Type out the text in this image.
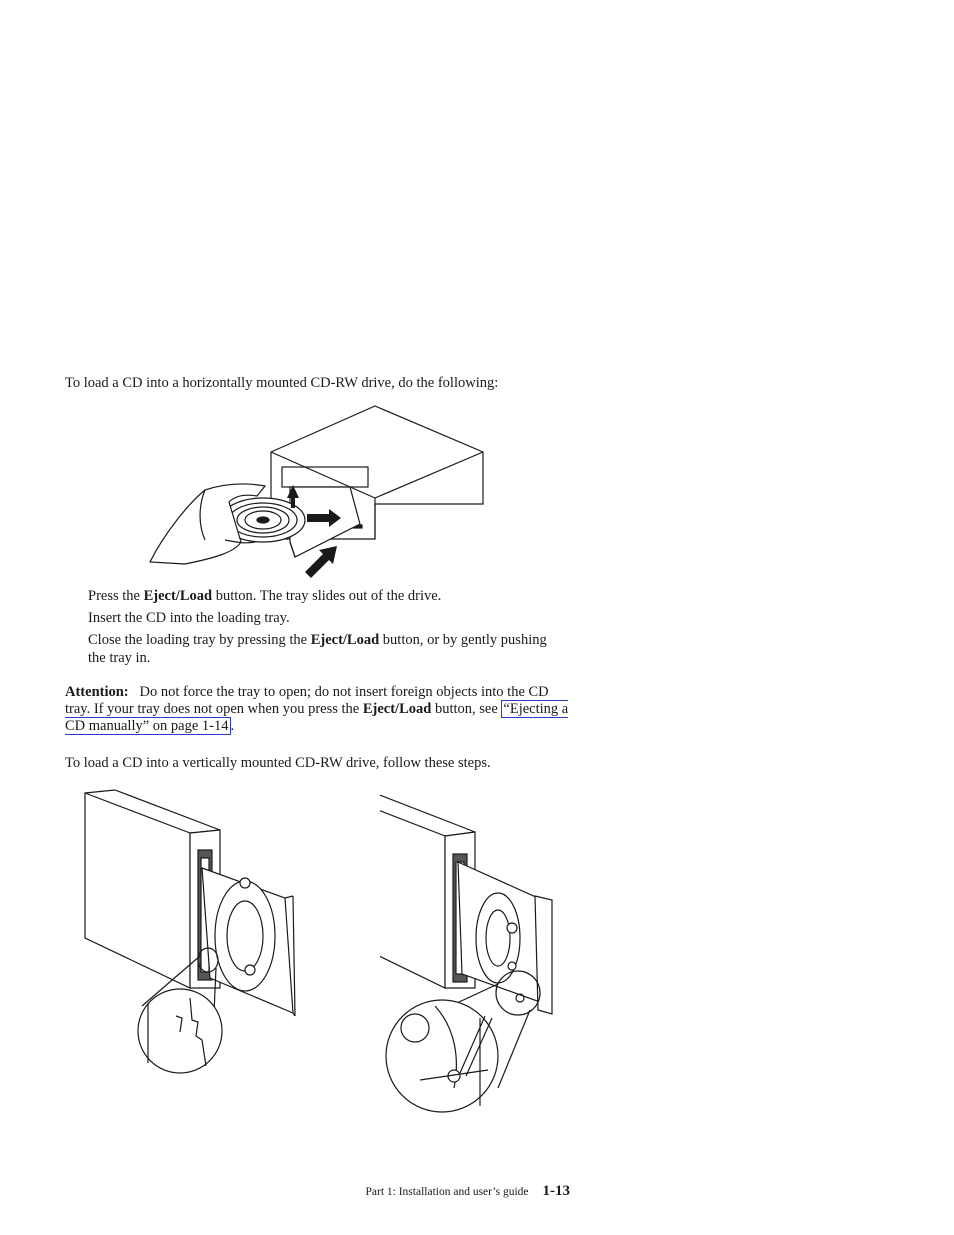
To load a CD into a horizontally mounted CD-RW drive, do the following:

Press the Eject/Load button. The tray slides out of the drive.
Insert the CD into the loading tray.
Close the loading tray by pressing the Eject/Load button, or by gently pushing the tray in.

Attention: Do not force the tray to open; do not insert foreign objects into the CD tray. If your tray does not open when you press the Eject/Load button, see “Ejecting a CD manually” on page 1-14 .

To load a CD into a vertically mounted CD-RW drive, follow these steps.

Part 1: Installation and user’s guide 1-13
